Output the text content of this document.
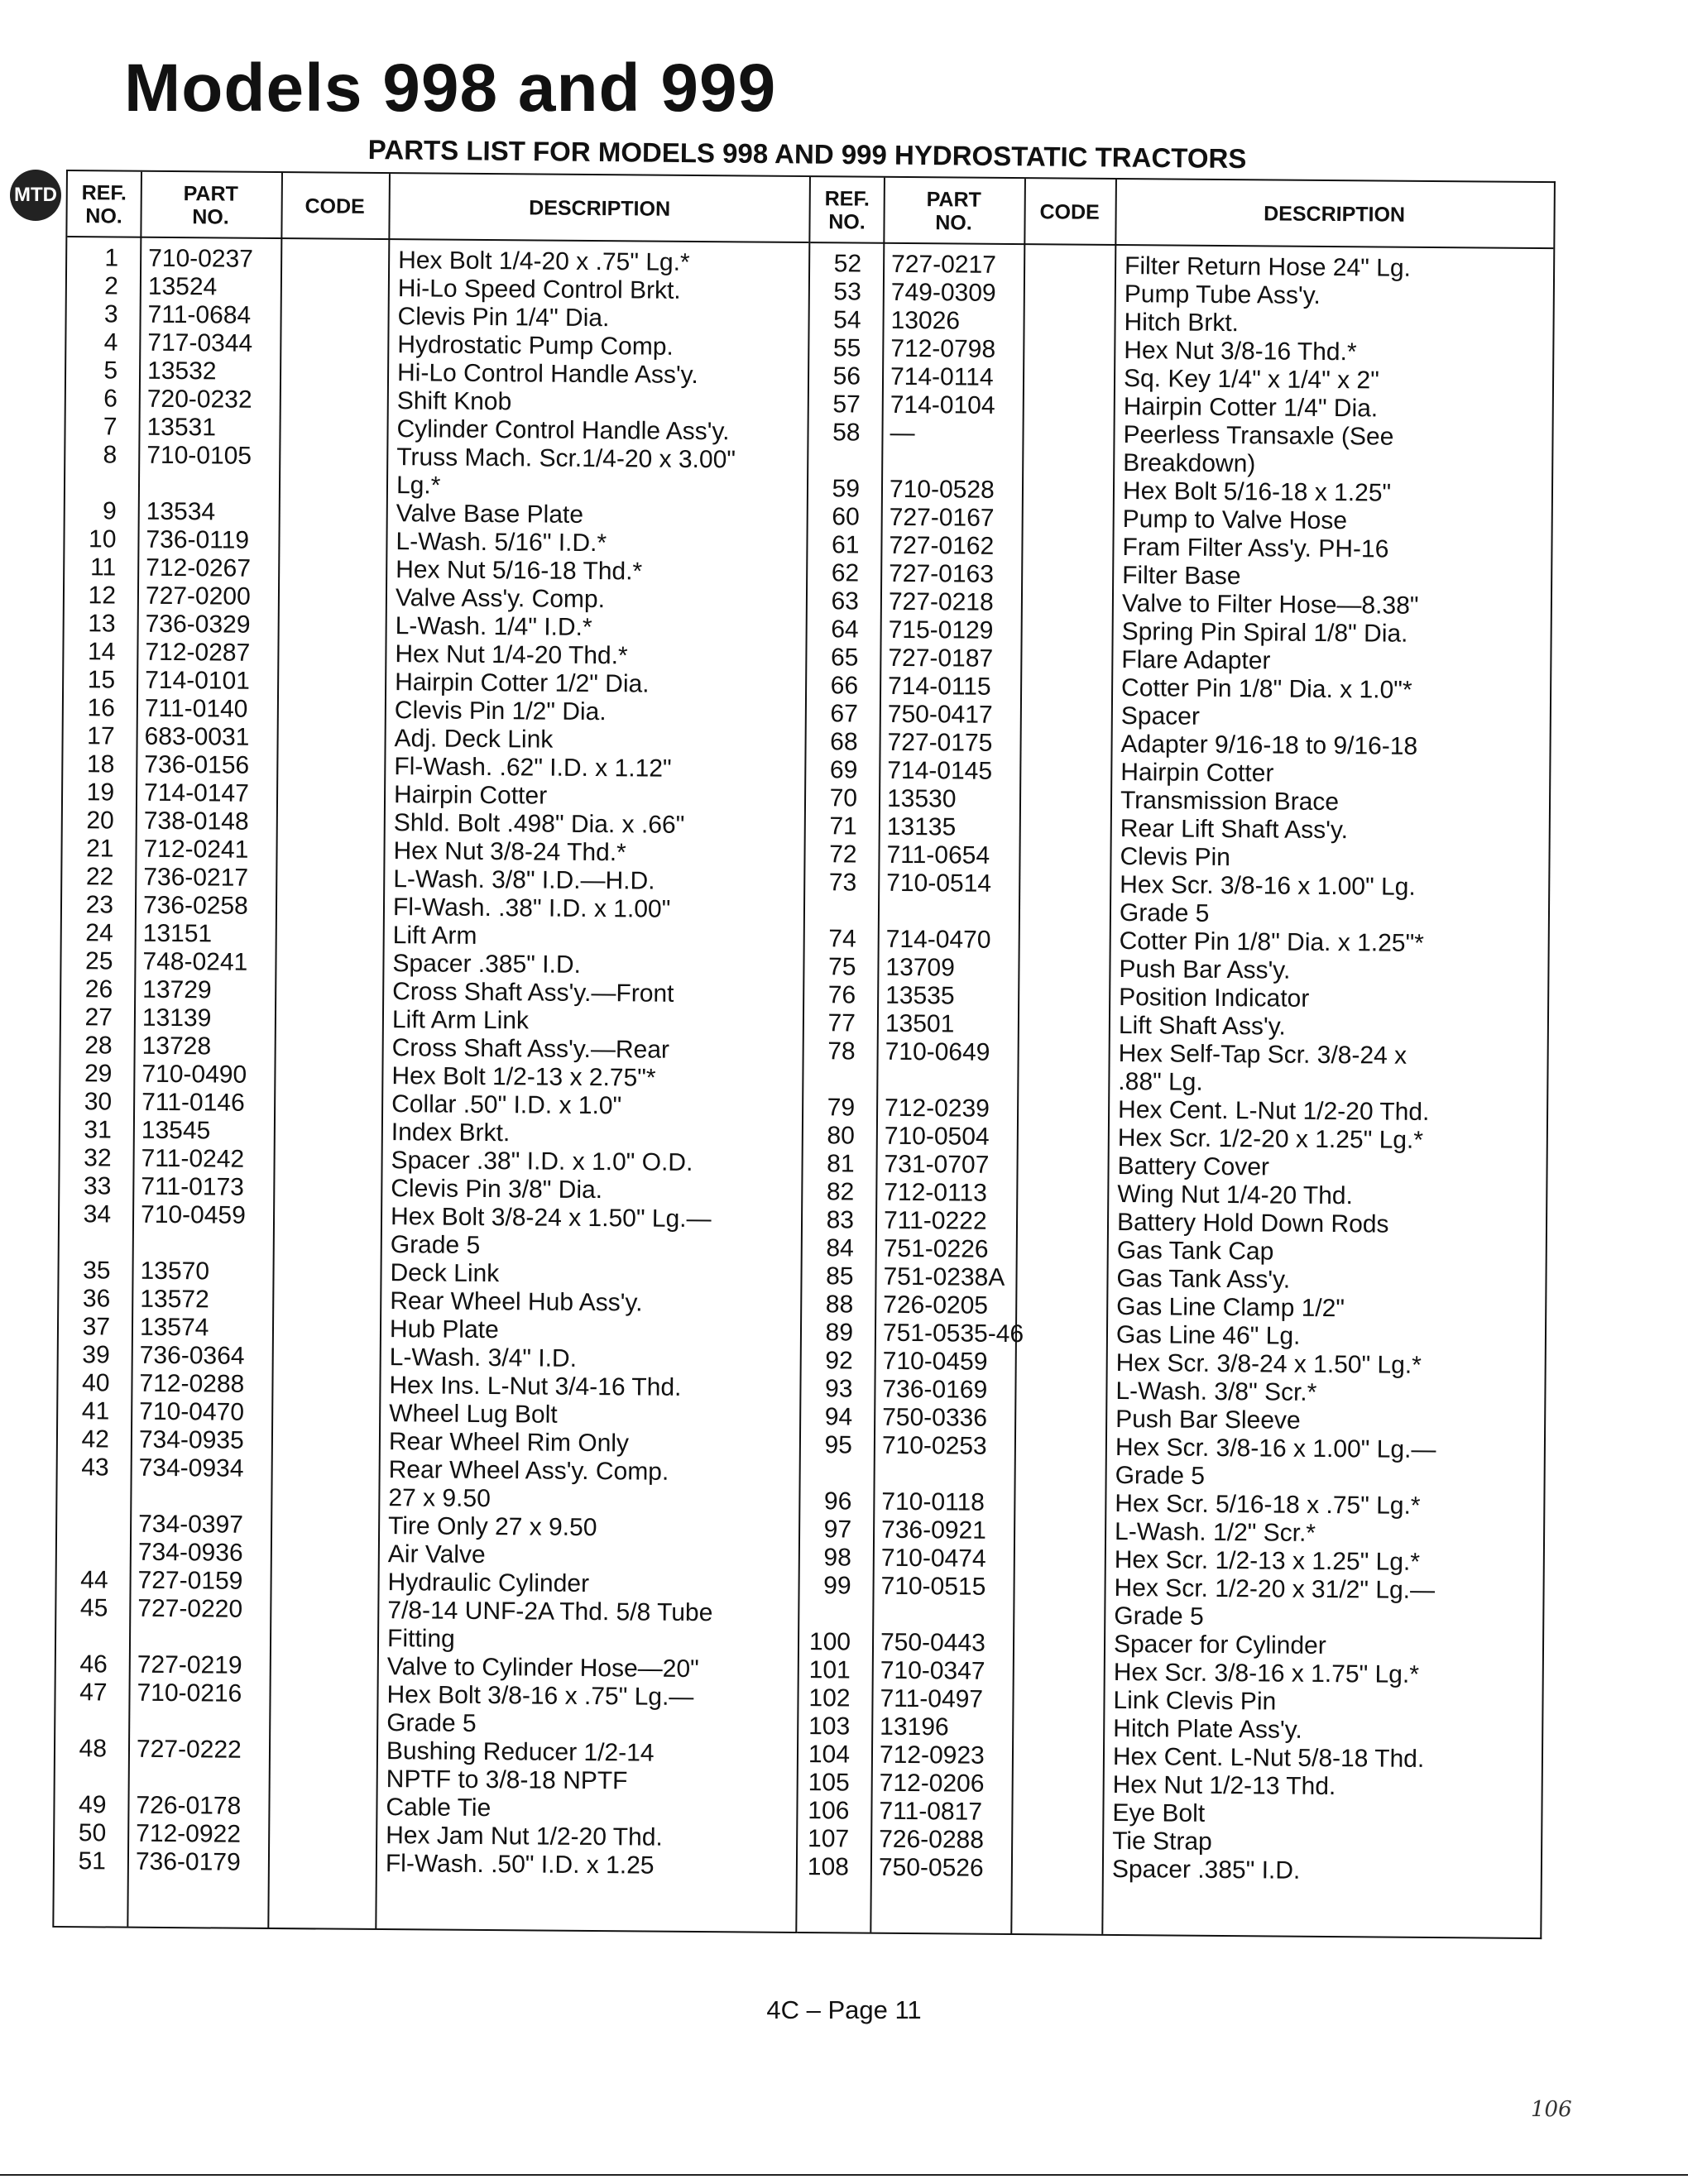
Models 998 and 999
PARTS LIST FOR MODELS 998 AND 999 HYDROSTATIC TRACTORS
MTD	REF.
NO.
PART
NO.	CODE	DESCRIPTION
1 710-0237	Hex Bolt 1/4-20 x .75" Lg.*
2 13524	Hi-Lo Speed Control Brkt.
3 711-0684	Clevis Pin 1/4" Dia.
4 717-0344	Hydrostatic Pump Comp.
5 13532	Hi-Lo Control Handle Ass'y.
6 720-0232	Shift Knob
7 13531	Cylinder Control Handle Ass'y.
8 710-0105	Truss Mach. Scr.1/4-20 x 3.00"
Lg.*
9 13534	Valve Base Plate
10 736-0119	L-Wash. 5/16" I.D.*
11 712-0267	Hex Nut 5/16-18 Thd.*
12 727-0200	Valve Ass'y. Comp.
13 736-0329	L-Wash. 1/4" I.D.*
14 712-0287	Hex Nut 1/4-20 Thd.*
15 714-0101	Hairpin Cotter 1/2" Dia.
16 711-0140	Clevis Pin 1/2" Dia.
17 683-0031	Adj. Deck Link
18 736-0156	Fl-Wash. .62" I.D. x 1.12"
19 714-0147	Hairpin Cotter
20 738-0148	Shld. Bolt .498" Dia. x .66"
21 712-0241	Hex Nut 3/8-24 Thd.*
22 736-0217	L-Wash. 3/8" I.D.—H.D.
23 736-0258	Fl-Wash. .38" I.D. x 1.00"
24 13151	Lift Arm
25 748-0241	Spacer .385" I.D.
26 13729	Cross Shaft Ass'y.—Front
27 13139	Lift Arm Link
28 13728	Cross Shaft Ass'y.—Rear
29 710-0490	Hex Bolt 1/2-13 x 2.75"*
30 711-0146	Collar .50" I.D. x 1.0"
31 13545	Index Brkt.
32 711-0242	Spacer .38" I.D. x 1.0" O.D.
33 711-0173	Clevis Pin 3/8" Dia.
34 710-0459	Hex Bolt 3/8-24 x 1.50" Lg.—
Grade 5
35 13570	Deck Link
36 13572	Rear Wheel Hub Ass'y.
37 13574	Hub Plate
39 736-0364	L-Wash. 3/4" I.D.
40 712-0288	Hex Ins. L-Nut 3/4-16 Thd.
41 710-0470	Wheel Lug Bolt
42 734-0935	Rear Wheel Rim Only
43 734-0934	Rear Wheel Ass'y. Comp.
27 x 9.50
734-0397	Tire Only 27 x 9.50
734-0936	Air Valve
44 727-0159	Hydraulic Cylinder
45 727-0220	7/8-14 UNF-2A Thd. 5/8 Tube
Fitting
46 727-0219	Valve to Cylinder Hose—20"
47 710-0216	Hex Bolt 3/8-16 x .75" Lg.—
Grade 5
48 727-0222	Bushing Reducer 1/2-14
NPTF to 3/8-18 NPTF
49 726-0178	Cable Tie
50 712-0922	Hex Jam Nut 1/2-20 Thd.
51 736-0179	Fl-Wash. .50" I.D. x 1.25
REF.
NO.
PART
NO.	CODE	DESCRIPTION
52 727-0217	Filter Return Hose 24" Lg.
53 749-0309	Pump Tube Ass'y.
54 13026	Hitch Brkt.
55 712-0798	Hex Nut 3/8-16 Thd.*
56 714-0114	Sq. Key 1/4" x 1/4" x 2"
57 714-0104	Hairpin Cotter 1/4" Dia.
58 —	Peerless Transaxle (See
Breakdown)
59 710-0528	Hex Bolt 5/16-18 x 1.25"
60 727-0167	Pump to Valve Hose
61 727-0162	Fram Filter Ass'y. PH-16
62 727-0163	Filter Base
63 727-0218	Valve to Filter Hose—8.38"
64 715-0129	Spring Pin Spiral 1/8" Dia.
65 727-0187	Flare Adapter
66 714-0115	Cotter Pin 1/8" Dia. x 1.0"*
67 750-0417	Spacer
68 727-0175	Adapter 9/16-18 to 9/16-18
69 714-0145	Hairpin Cotter
70 13530	Transmission Brace
71 13135	Rear Lift Shaft Ass'y.
72 711-0654	Clevis Pin
73 710-0514	Hex Scr. 3/8-16 x 1.00" Lg.
Grade 5
74 714-0470	Cotter Pin 1/8" Dia. x 1.25"*
75 13709	Push Bar Ass'y.
76 13535	Position Indicator
77 13501	Lift Shaft Ass'y.
78 710-0649	Hex Self-Tap Scr. 3/8-24 x
.88" Lg.
79 712-0239	Hex Cent. L-Nut 1/2-20 Thd.
80 710-0504	Hex Scr. 1/2-20 x 1.25" Lg.*
81 731-0707	Battery Cover
82 712-0113	Wing Nut 1/4-20 Thd.
83 711-0222	Battery Hold Down Rods
84 751-0226	Gas Tank Cap
85 751-0238A	Gas Tank Ass'y.
88 726-0205	Gas Line Clamp 1/2"
89 751-0535-46	Gas Line 46" Lg.
92 710-0459	Hex Scr. 3/8-24 x 1.50" Lg.*
93 736-0169	L-Wash. 3/8" Scr.*
94 750-0336	Push Bar Sleeve
95 710-0253	Hex Scr. 3/8-16 x 1.00" Lg.—
Grade 5
96 710-0118	Hex Scr. 5/16-18 x .75" Lg.*
97 736-0921	L-Wash. 1/2" Scr.*
98 710-0474	Hex Scr. 1/2-13 x 1.25" Lg.*
99 710-0515	Hex Scr. 1/2-20 x 31/2" Lg.—
Grade 5
100 750-0443	Spacer for Cylinder
101 710-0347	Hex Scr. 3/8-16 x 1.75" Lg.*
102 711-0497	Link Clevis Pin
103 13196	Hitch Plate Ass'y.
104 712-0923	Hex Cent. L-Nut 5/8-18 Thd.
105 712-0206	Hex Nut 1/2-13 Thd.
106 711-0817	Eye Bolt
107 726-0288	Tie Strap
108 750-0526	Spacer .385" I.D.
4C – Page 11
106
